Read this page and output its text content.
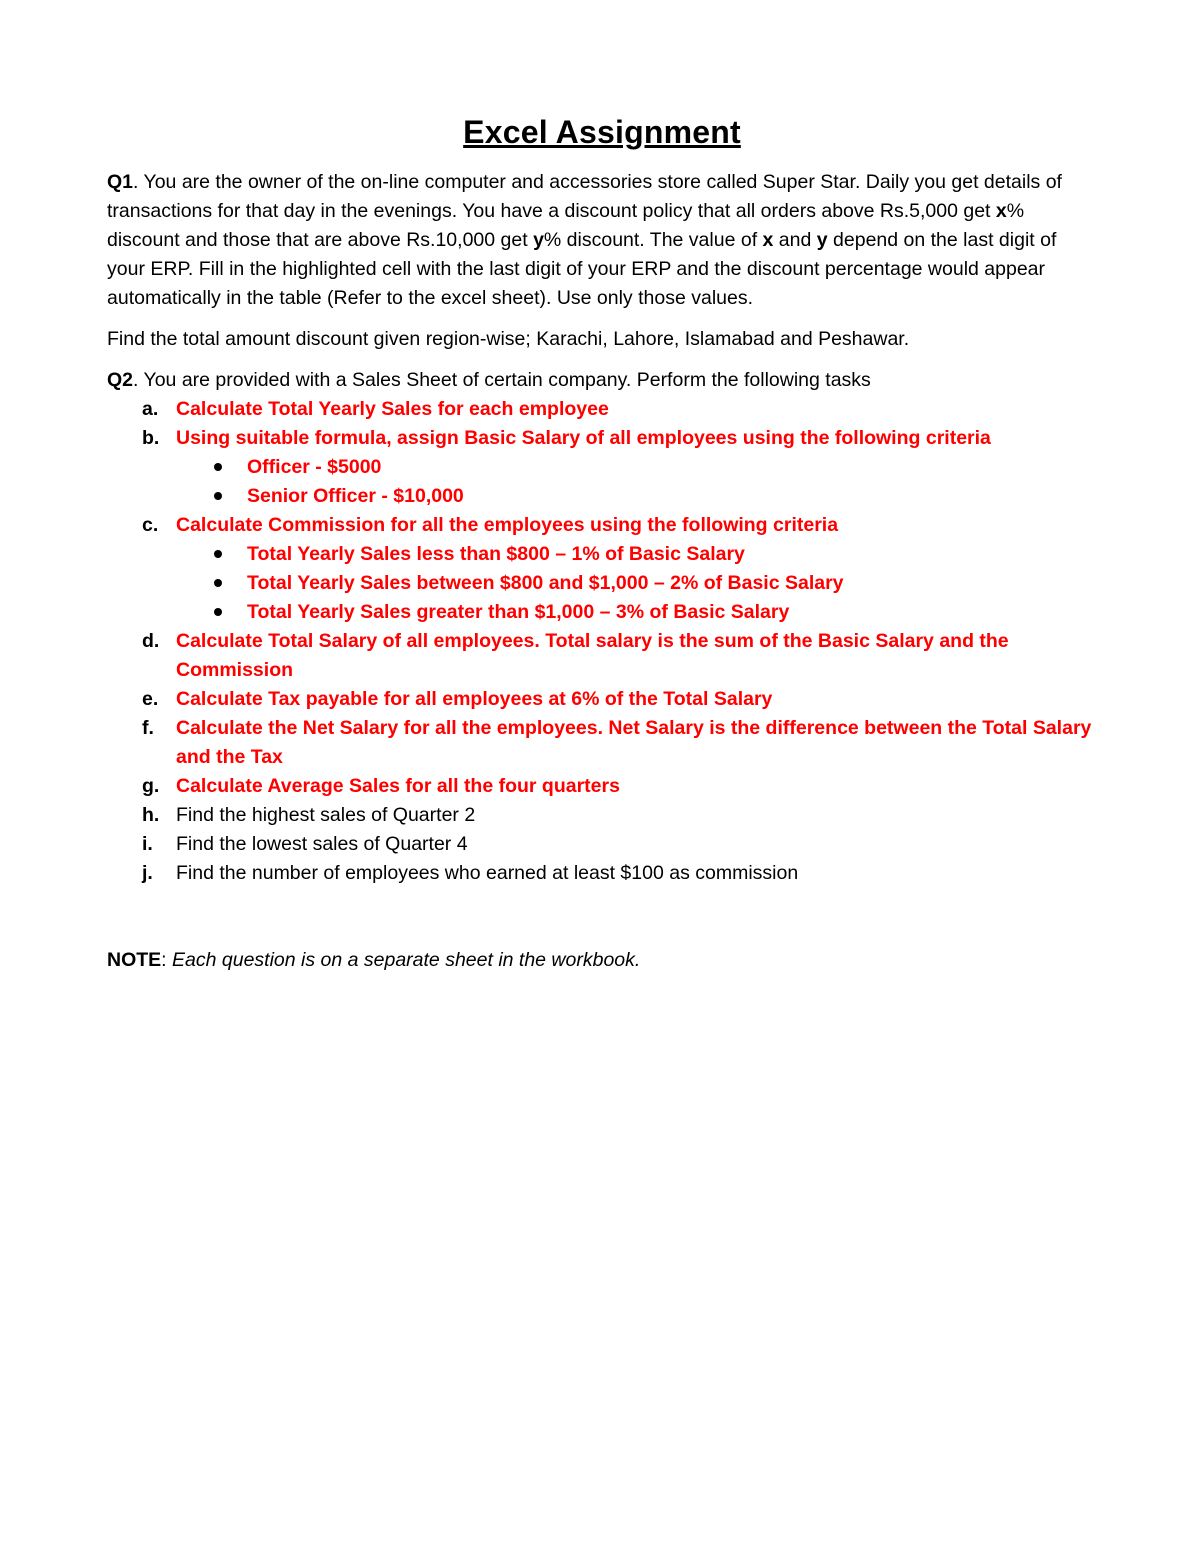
Excel Assignment

Q1. You are the owner of the on-line computer and accessories store called Super Star. Daily you get details of transactions for that day in the evenings. You have a discount policy that all orders above Rs.5,000 get x% discount and those that are above Rs.10,000 get y% discount. The value of x and y depend on the last digit of your ERP. Fill in the highlighted cell with the last digit of your ERP and the discount percentage would appear automatically in the table (Refer to the excel sheet). Use only those values.

Find the total amount discount given region-wise; Karachi, Lahore, Islamabad and Peshawar.

Q2. You are provided with a Sales Sheet of certain company. Perform the following tasks

a. Calculate Total Yearly Sales for each employee
b. Using suitable formula, assign Basic Salary of all employees using the following criteria
Officer - $5000
Senior Officer - $10,000
c. Calculate Commission for all the employees using the following criteria
Total Yearly Sales less than $800 – 1% of Basic Salary
Total Yearly Sales between $800 and $1,000 – 2% of Basic Salary
Total Yearly Sales greater than $1,000 – 3% of Basic Salary
d. Calculate Total Salary of all employees. Total salary is the sum of the Basic Salary and the Commission
e. Calculate Tax payable for all employees at 6% of the Total Salary
f. Calculate the Net Salary for all the employees. Net Salary is the difference between the Total Salary and the Tax
g. Calculate Average Sales for all the four quarters
h. Find the highest sales of Quarter 2
i. Find the lowest sales of Quarter 4
j. Find the number of employees who earned at least $100 as commission

NOTE: Each question is on a separate sheet in the workbook.
